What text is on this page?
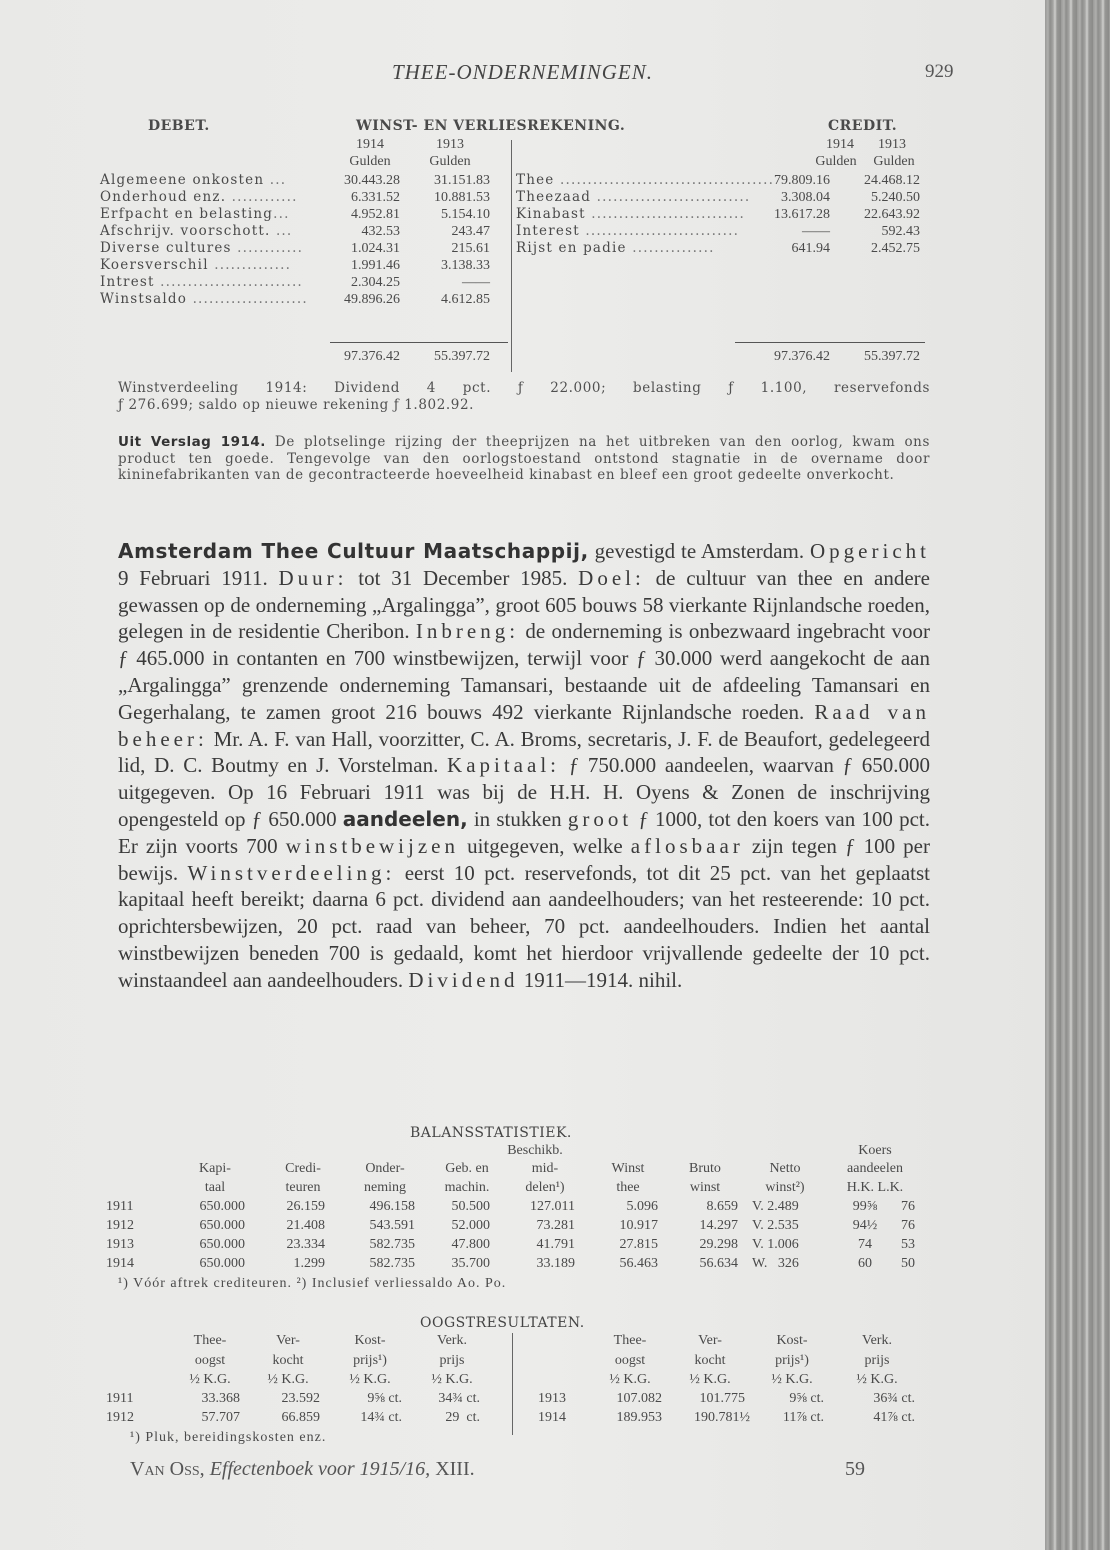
THEE-ONDERNEMINGEN.	929
DEBET.	WINST- EN VERLIESREKENING.	CREDIT.
1914	1913
Gulden	Gulden
1914	1913
Gulden	Gulden
Algemeene onkosten ...	30.443.28	31.151.83
Onderhoud enz. ............	6.331.52	10.881.53
Erfpacht en belasting...	4.952.81	5.154.10
Afschrijv. voorschott. ...	432.53	243.47
Diverse cultures ............	1.024.31	215.61
Koersverschil ..............	1.991.46	3.138.33
Intrest ..........................	2.304.25	——
Winstsaldo .....................	49.896.26	4.612.85
97.376.42	55.397.72
Thee ....................................... 79.809.16	24.468.12
Theezaad ............................	3.308.04	5.240.50
Kinabast ............................	13.617.28	22.643.92
Interest ............................	——	592.43
Rijst en padie ...............	641.94	2.452.75
97.376.42	55.397.72
Winstverdeeling 1914: Dividend 4 pct. ƒ 22.000; belasting ƒ 1.100, reservefonds
ƒ 276.699; saldo op nieuwe rekening ƒ 1.802.92.
Uit Verslag 1914. De plotselinge rijzing der theeprijzen na het uitbreken van den oorlog, kwam ons product ten goede. Tengevolge van den oorlogstoestand ontstond stagnatie in de overname door kininefabrikanten van de gecontracteerde hoeveelheid kinabast en bleef een groot gedeelte onverkocht.
Amsterdam Thee Cultuur Maatschappij, gevestigd te Amsterdam. Opgericht 9 Februari 1911. Duur: tot 31 December 1985. Doel: de cultuur van thee en andere gewassen op de onderneming „Argalingga”, groot 605 bouws 58 vierkante Rijnlandsche roeden, gelegen in de residentie Cheribon. Inbreng: de onderneming is onbezwaard ingebracht voor ƒ 465.000 in contanten en 700 winstbewijzen, terwijl voor ƒ 30.000 werd aangekocht de aan „Argalingga” grenzende onderneming Tamansari, bestaande uit de afdeeling Tamansari en Gegerhalang, te zamen groot 216 bouws 492 vierkante Rijnlandsche roeden. Raad van beheer: Mr. A. F. van Hall, voorzitter, C. A. Broms, secretaris, J. F. de Beaufort, gedelegeerd lid, D. C. Boutmy en J. Vorstelman. Kapitaal: ƒ 750.000 aandeelen, waarvan ƒ 650.000 uitgegeven. Op 16 Februari 1911 was bij de H.H. H. Oyens & Zonen de inschrijving opengesteld op ƒ 650.000 aandeelen, in stukken groot ƒ 1000, tot den koers van 100 pct. Er zijn voorts 700 winstbewijzen uitgegeven, welke aflosbaar zijn tegen ƒ 100 per bewijs. Winstverdeeling: eerst 10 pct. reservefonds, tot dit 25 pct. van het geplaatst kapitaal heeft bereikt; daarna 6 pct. dividend aan aandeelhouders; van het resteerende: 10 pct. oprichtersbewijzen, 20 pct. raad van beheer, 70 pct. aandeelhouders. Indien het aantal winstbewijzen beneden 700 is gedaald, komt het hierdoor vrijvallende gedeelte der 10 pct. winstaandeel aan aandeelhouders. Dividend 1911—1914. nihil.
BALANSSTATISTIEK.
Beschikb.	Koers
Kapi-	Credi-	Onder-	Geb. en	mid-	Winst	Bruto	Netto	aandeelen
taal	teuren	neming	machin.	delen¹)	thee	winst	winst²)	H.K. L.K.
1911	650.000	26.159	496.158	50.500	127.011	5.096	8.659 V. 2.489	99⅝	76
1912	650.000	21.408	543.591	52.000	73.281	10.917	14.297 V. 2.535	94½	76
1913	650.000	23.334	582.735	47.800	41.791	27.815	29.298 V. 1.006	74	53
1914	650.000	1.299	582.735	35.700	33.189	56.463	56.634 W.   326	60	50
¹) Vóór aftrek crediteuren. ²) Inclusief verliessaldo Ao. Po.
OOGSTRESULTATEN.
Thee-	Ver-	Kost-	Verk.
oogst	kocht	prijs¹)	prijs
½ K.G.	½ K.G.	½ K.G.	½ K.G.
Thee-	Ver-	Kost-	Verk.
oogst	kocht	prijs¹)	prijs
½ K.G.	½ K.G.	½ K.G.	½ K.G.
1911	33.368	23.592	9⅝ ct.	34¾ ct.
1912	57.707	66.859	14¾ ct.	29  ct.
1913	107.082	101.775	9⅝ ct.	36¾ ct.
1914	189.953	190.781½	11⅞ ct.	41⅞ ct.
¹) Pluk, bereidingskosten enz.
Van Oss, Effectenboek voor 1915/16, XIII.	59
